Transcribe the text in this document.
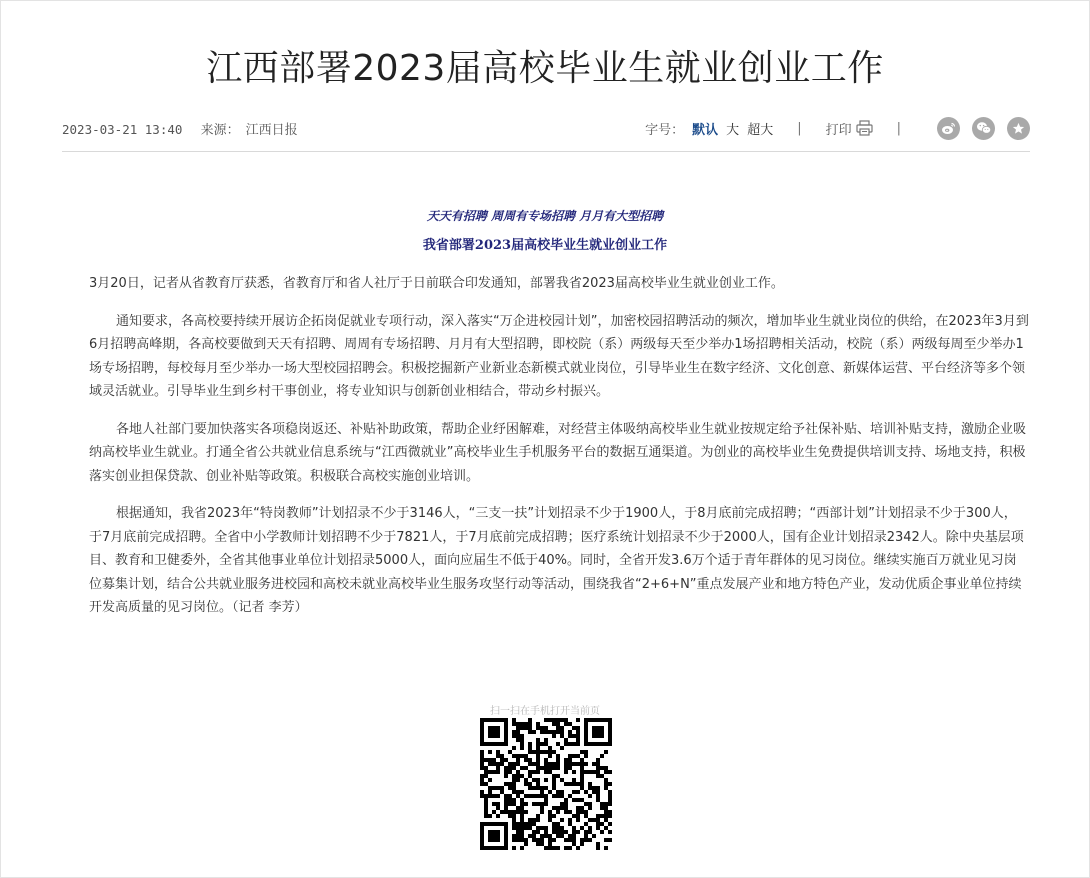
江西部署2023届高校毕业生就业创业工作
2023-03-21 13:40 来源： 江西日报	字号： 默认 大 超大 | 打印	|
天天有招聘 周周有专场招聘 月月有大型招聘
我省部署2023届高校毕业生就业创业工作

3月20日，记者从省教育厅获悉，省教育厅和省人社厅于日前联合印发通知，部署我省2023届高校毕业生就业创业工作。

通知要求，各高校要持续开展访企拓岗促就业专项行动，深入落实“万企进校园计划”，加密校园招聘活动的频次，增加毕业生就业岗位的供给，在2023年3月到6月招聘高峰期，各高校要做到天天有招聘、周周有专场招聘、月月有大型招聘，即校院（系）两级每天至少举办1场招聘相关活动，校院（系）两级每周至少举办1场专场招聘，每校每月至少举办一场大型校园招聘会。积极挖掘新产业新业态新模式就业岗位，引导毕业生在数字经济、文化创意、新媒体运营、平台经济等多个领域灵活就业。引导毕业生到乡村干事创业，将专业知识与创新创业相结合，带动乡村振兴。

各地人社部门要加快落实各项稳岗返还、补贴补助政策，帮助企业纾困解难，对经营主体吸纳高校毕业生就业按规定给予社保补贴、培训补贴支持，激励企业吸纳高校毕业生就业。打通全省公共就业信息系统与“江西微就业”高校毕业生手机服务平台的数据互通渠道。为创业的高校毕业生免费提供培训支持、场地支持，积极落实创业担保贷款、创业补贴等政策。积极联合高校实施创业培训。

根据通知，我省2023年“特岗教师”计划招录不少于3146人，“三支一扶”计划招录不少于1900人，于8月底前完成招聘；“西部计划”计划招录不少于300人，于7月底前完成招聘。全省中小学教师计划招聘不少于7821人，于7月底前完成招聘；医疗系统计划招录不少于2000人，国有企业计划招录2342人。除中央基层项目、教育和卫健委外，全省其他事业单位计划招录5000人，面向应届生不低于40%。同时，全省开发3.6万个适于青年群体的见习岗位。继续实施百万就业见习岗位募集计划，结合公共就业服务进校园和高校未就业高校毕业生服务攻坚行动等活动，围绕我省“2+6+N”重点发展产业和地方特色产业，发动优质企事业单位持续开发高质量的见习岗位。（记者 李芳）

扫一扫在手机打开当前页
